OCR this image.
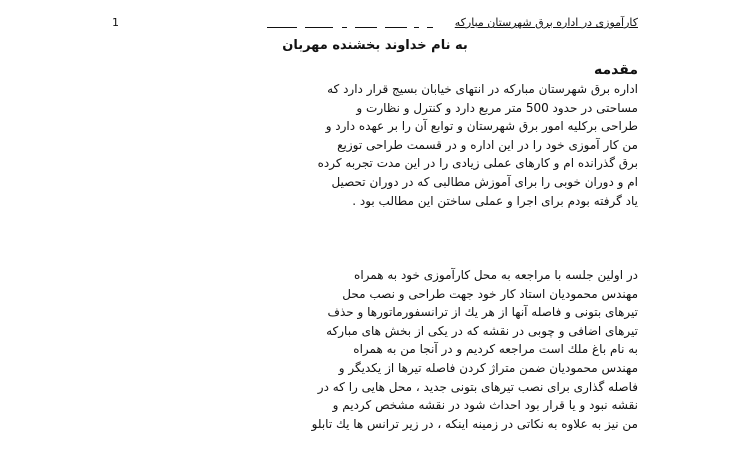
کارآموزی در اداره برق شهرستان مبارکه
1
به نام خداوند بخشنده مهربان
مقدمه
اداره برق شهرستان مبارکه در انتهای خیابان بسیج قرار دارد که
مساحتی در حدود 500 متر مربع دارد و کنترل و نظارت و
طراحی برکلیه امور برق شهرستان و توابع آن را بر عهده دارد و
من کار آموزی خود را در این اداره و در قسمت طراحی توزیع
برق گذرانده ام و کارهای عملی زیادی را در این مدت تجربه کرده
ام و دوران خوبی را برای آموزش مطالبی که در دوران تحصیل
یاد گرفته بودم برای اجرا و عملی ساختن این مطالب بود .
در اولین جلسه با مراجعه به محل کارآموزی خود به همراه
مهندس محمودیان استاد کار خود جهت طراحی و نصب محل
تیرهای بتونی و فاصله آنها از هر یك از ترانسفورماتورها و حذف
تیرهای اضافی و چوبی در نقشه که در یکی از بخش های مبارکه
به نام باغ ملك است مراجعه کردیم و در آنجا من به همراه
مهندس محمودیان ضمن متراژ کردن فاصله تیرها از یکدیگر و
فاصله گذاری برای نصب تیرهای بتونی جدید ، محل هایی را که در
نقشه نبود و یا قرار بود احداث شود در نقشه مشخص کردیم و
من نیز به علاوه به نکاتی در زمینه اینکه ، در زیر ترانس ها یك تابلو
